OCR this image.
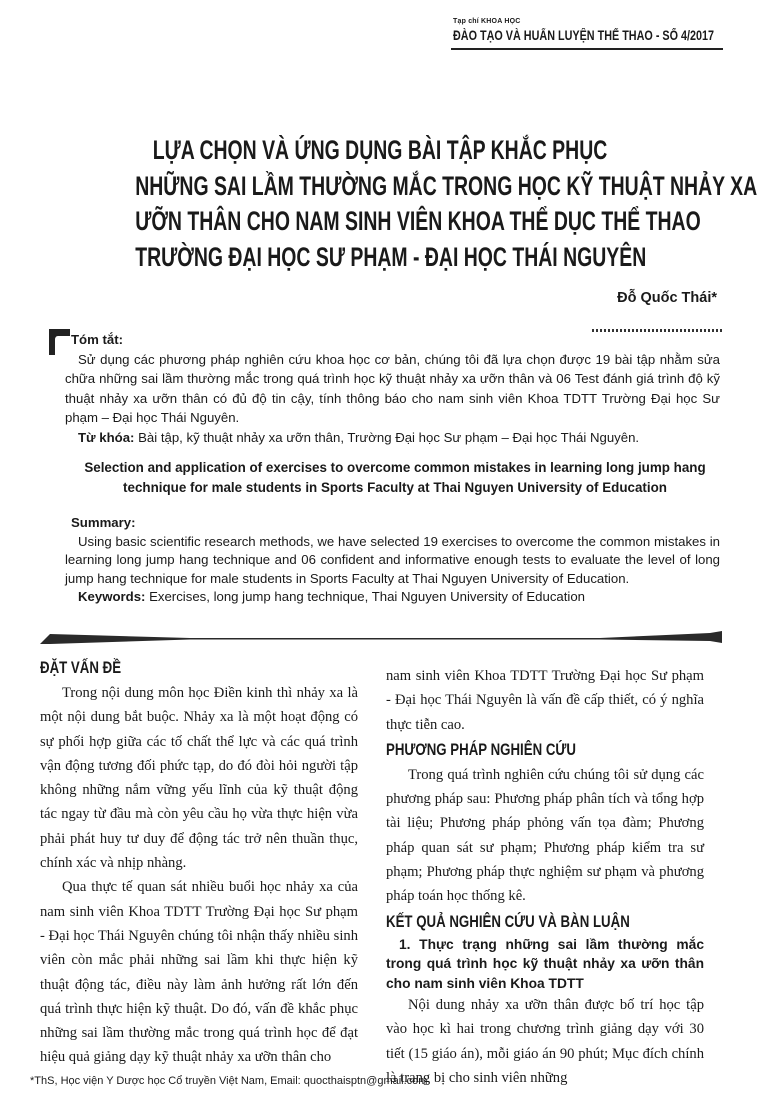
Tạp chí KHOA HỌC
ĐÀO TẠO VÀ HUẤN LUYỆN THỂ THAO - SỐ 4/2017
LỰA CHỌN VÀ ỨNG DỤNG BÀI TẬP KHẮC PHỤC
NHỮNG SAI LẦM THƯỜNG MẮC TRONG HỌC KỸ THUẬT NHẢY XA
ƯỠN THÂN CHO NAM SINH VIÊN KHOA THỂ DỤC THỂ THAO
TRƯỜNG ĐẠI HỌC SƯ PHẠM - ĐẠI HỌC THÁI NGUYÊN
Đỗ Quốc Thái*

Tóm tắt:

Sử dụng các phương pháp nghiên cứu khoa học cơ bản, chúng tôi đã lựa chọn được 19 bài tập nhằm sửa chữa những sai lầm thường mắc trong quá trình học kỹ thuật nhảy xa ưỡn thân và 06 Test đánh giá trình độ kỹ thuật nhảy xa ưỡn thân có đủ độ tin cậy, tính thông báo cho nam sinh viên Khoa TDTT Trường Đại học Sư phạm – Đại học Thái Nguyên.

Từ khóa: Bài tập, kỹ thuật nhảy xa ưỡn thân, Trường Đại học Sư phạm – Đại học Thái Nguyên.

Selection and application of exercises to overcome common mistakes in learning long jump hang technique for male students in Sports Faculty at Thai Nguyen University of Education

Summary:

Using basic scientific research methods, we have selected 19 exercises to overcome the common mistakes in learning long jump hang technique and 06 confident and informative enough tests to evaluate the level of long jump hang technique for male students in Sports Faculty at Thai Nguyen University of Education.

Keywords: Exercises, long jump hang technique, Thai Nguyen University of Education

ĐẶT VẤN ĐỀ

Trong nội dung môn học Điền kinh thì nhảy xa là một nội dung bắt buộc. Nhảy xa là một hoạt động có sự phối hợp giữa các tố chất thể lực và các quá trình vận động tương đối phức tạp, do đó đòi hỏi người tập không những nắm vững yếu lĩnh của kỹ thuật động tác ngay từ đầu mà còn yêu cầu họ vừa thực hiện vừa phải phát huy tư duy để động tác trở nên thuần thục, chính xác và nhịp nhàng.

Qua thực tế quan sát nhiều buổi học nhảy xa của nam sinh viên Khoa TDTT Trường Đại học Sư phạm - Đại học Thái Nguyên chúng tôi nhận thấy nhiều sinh viên còn mắc phải những sai lầm khi thực hiện kỹ thuật động tác, điều này làm ảnh hưởng rất lớn đến quá trình thực hiện kỹ thuật. Do đó, vấn đề khắc phục những sai lầm thường mắc trong quá trình học để đạt hiệu quả giảng dạy kỹ thuật nhảy xa ưỡn thân cho

nam sinh viên Khoa TDTT Trường Đại học Sư phạm - Đại học Thái Nguyên là vấn đề cấp thiết, có ý nghĩa thực tiễn cao.

PHƯƠNG PHÁP NGHIÊN CỨU

Trong quá trình nghiên cứu chúng tôi sử dụng các phương pháp sau: Phương pháp phân tích và tổng hợp tài liệu; Phương pháp phỏng vấn tọa đàm; Phương pháp quan sát sư phạm; Phương pháp kiểm tra sư phạm; Phương pháp thực nghiệm sư phạm và phương pháp toán học thống kê.

KẾT QUẢ NGHIÊN CỨU VÀ BÀN LUẬN

1. Thực trạng những sai lầm thường mắc trong quá trình học kỹ thuật nhảy xa ưỡn thân cho nam sinh viên Khoa TDTT

Nội dung nhảy xa ưỡn thân được bố trí học tập vào học kì hai trong chương trình giảng dạy với 30 tiết (15 giáo án), mỗi giáo án 90 phút; Mục đích chính là trang bị cho sinh viên những

*ThS, Học viện Y Dược học Cổ truyền Việt Nam, Email: quocthaisptn@gmail.com
